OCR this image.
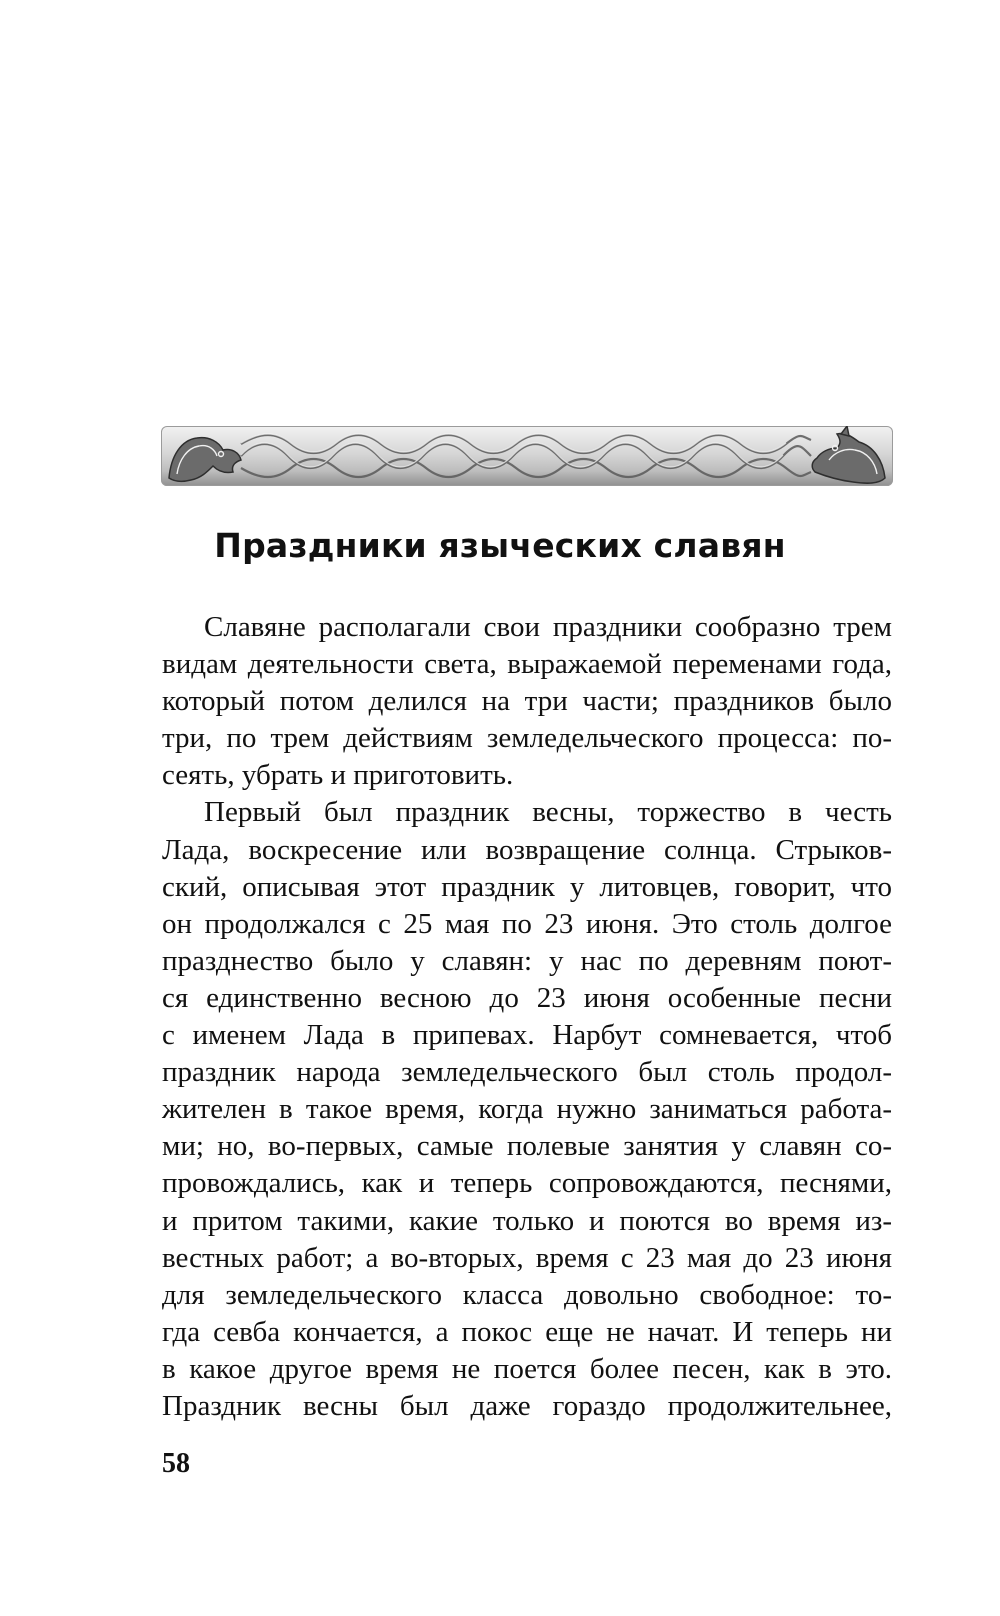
Праздники языческих славян

Славяне располагали свои праздники сообразно трем
видам деятельности света, выражаемой переменами года,
который потом делился на три части; праздников было
три, по трем действиям земледельческого процесса: по-
сеять, убрать и приготовить.

Первый был праздник весны, торжество в честь
Лада, воскресение или возвращение солнца. Стрыков-
ский, описывая этот праздник у литовцев, говорит, что
он продолжался с 25 мая по 23 июня. Это столь долгое
празднество было у славян: у нас по деревням поют-
ся единственно весною до 23 июня особенные песни
с именем Лада в припевах. Нарбут сомневается, чтоб
праздник народа земледельческого был столь продол-
жителен в такое время, когда нужно заниматься работа-
ми; но, во-первых, самые полевые занятия у славян со-
провождались, как и теперь сопровождаются, песнями,
и притом такими, какие только и поются во время из-
вестных работ; а во-вторых, время с 23 мая до 23 июня
для земледельческого класса довольно свободное: то-
гда севба кончается, а покос еще не начат. И теперь ни
в какое другое время не поется более песен, как в это.
Праздник весны был даже гораздо продолжительнее,

58
